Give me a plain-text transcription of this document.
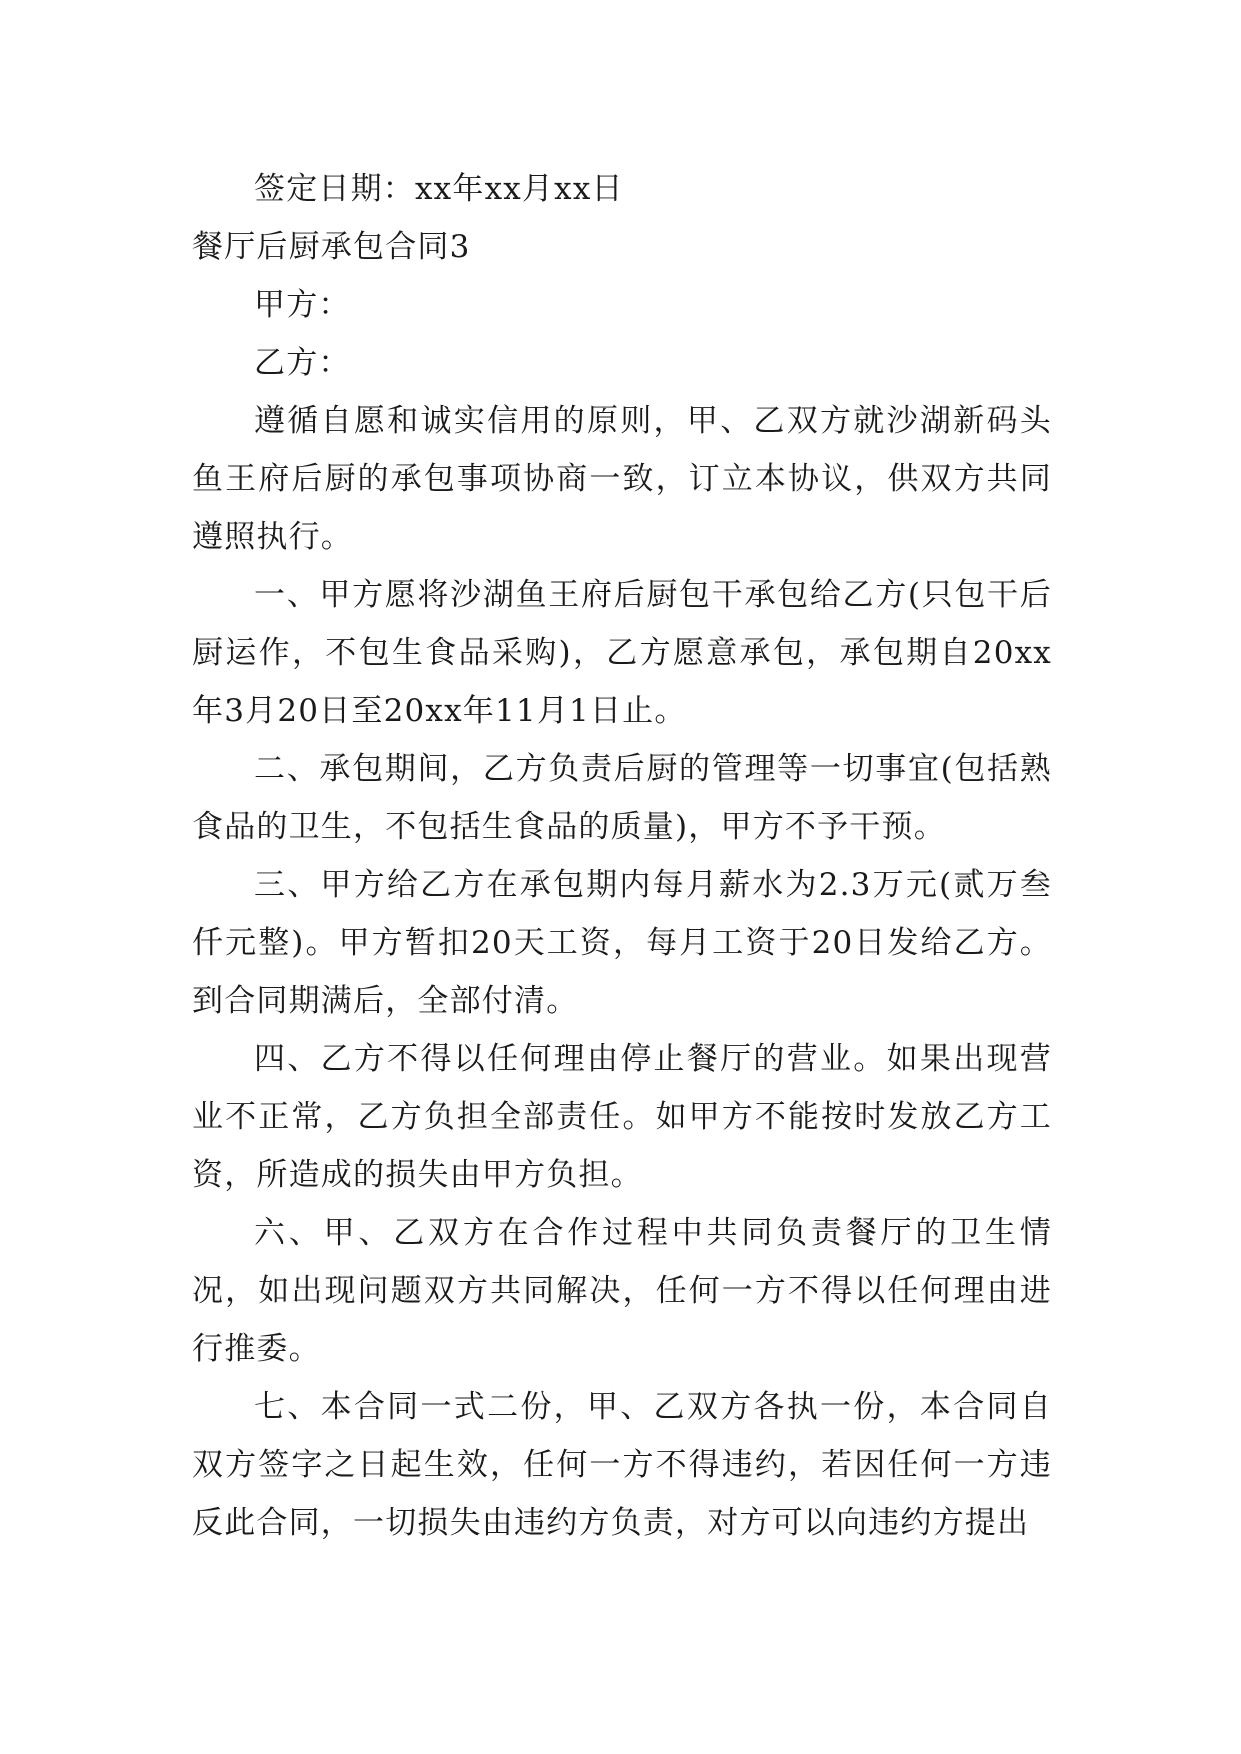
签定日期：xx年xx月xx日

餐厅后厨承包合同3

甲方：

乙方：

遵循自愿和诚实信用的原则，甲、乙双方就沙湖新码头鱼王府后厨的承包事项协商一致，订立本协议，供双方共同遵照执行。

一、甲方愿将沙湖鱼王府后厨包干承包给乙方(只包干后厨运作，不包生食品采购)，乙方愿意承包，承包期自20xx年3月20日至20xx年11月1日止。

二、承包期间，乙方负责后厨的管理等一切事宜(包括熟食品的卫生，不包括生食品的质量)，甲方不予干预。

三、甲方给乙方在承包期内每月薪水为2.3万元(贰万叁仟元整)。甲方暂扣20天工资，每月工资于20日发给乙方。到合同期满后，全部付清。

四、乙方不得以任何理由停止餐厅的营业。如果出现营业不正常，乙方负担全部责任。如甲方不能按时发放乙方工资，所造成的损失由甲方负担。

六、甲、乙双方在合作过程中共同负责餐厅的卫生情况，如出现问题双方共同解决，任何一方不得以任何理由进行推委。

七、本合同一式二份，甲、乙双方各执一份，本合同自双方签字之日起生效，任何一方不得违约，若因任何一方违反此合同，一切损失由违约方负责，对方可以向违约方提出
